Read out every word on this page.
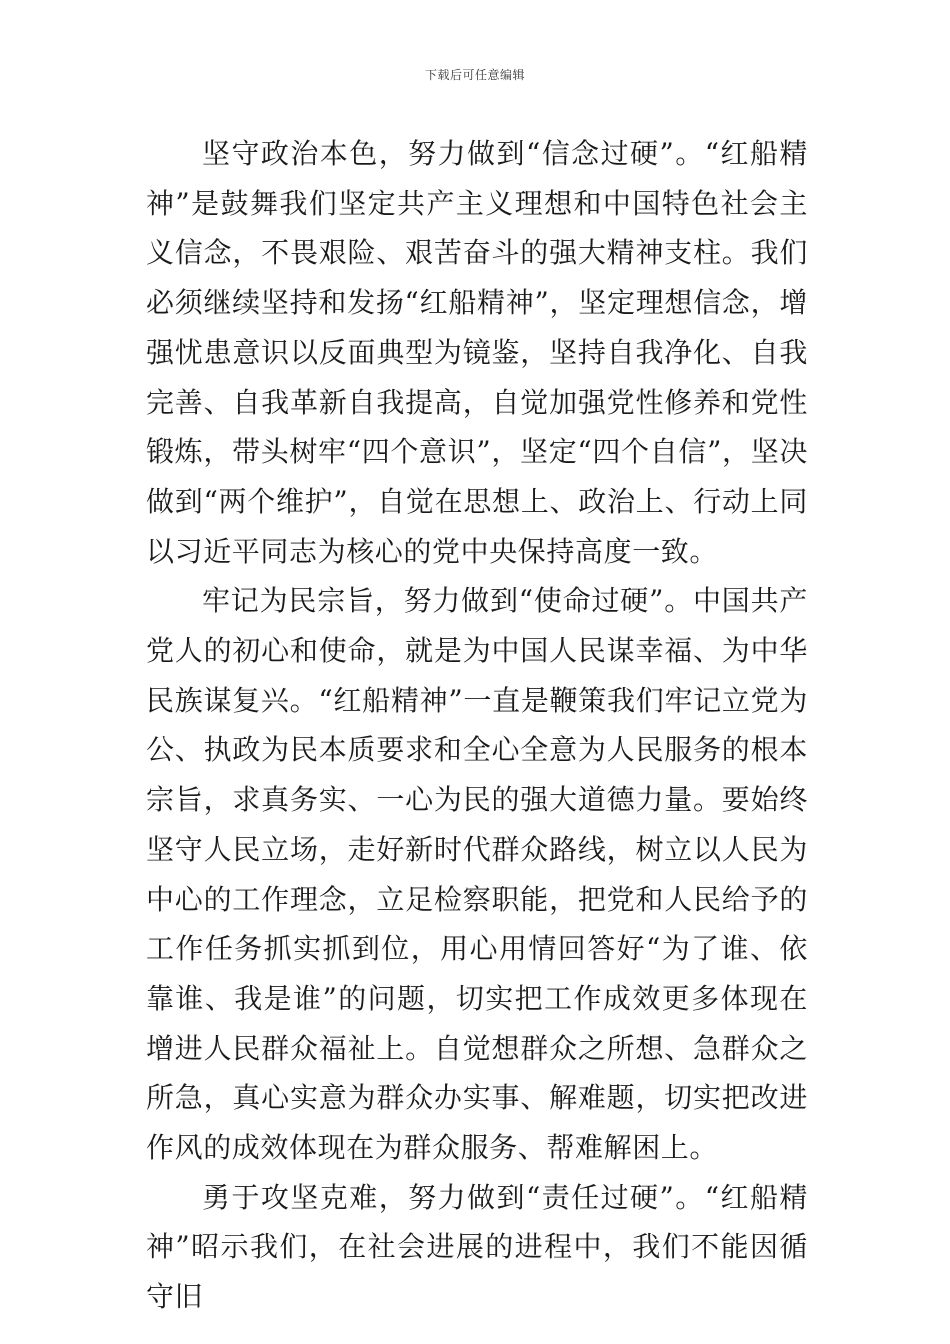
下载后可任意编辑

坚守政治本色，努力做到“信念过硬”。“红船精神”是鼓舞我们坚定共产主义理想和中国特色社会主义信念，不畏艰险、艰苦奋斗的强大精神支柱。我们必须继续坚持和发扬“红船精神”，坚定理想信念，增强忧患意识以反面典型为镜鉴，坚持自我净化、自我完善、自我革新自我提高，自觉加强党性修养和党性锻炼，带头树牢“四个意识”，坚定“四个自信”，坚决做到“两个维护”，自觉在思想上、政治上、行动上同以习近平同志为核心的党中央保持高度一致。

牢记为民宗旨，努力做到“使命过硬”。中国共产党人的初心和使命，就是为中国人民谋幸福、为中华民族谋复兴。“红船精神”一直是鞭策我们牢记立党为公、执政为民本质要求和全心全意为人民服务的根本宗旨，求真务实、一心为民的强大道德力量。要始终坚守人民立场，走好新时代群众路线，树立以人民为中心的工作理念，立足检察职能，把党和人民给予的工作任务抓实抓到位，用心用情回答好“为了谁、依靠谁、我是谁”的问题，切实把工作成效更多体现在增进人民群众福祉上。自觉想群众之所想、急群众之所急，真心实意为群众办实事、解难题，切实把改进作风的成效体现在为群众服务、帮难解困上。

勇于攻坚克难，努力做到“责任过硬”。“红船精神”昭示我们，在社会进展的进程中，我们不能因循守旧
